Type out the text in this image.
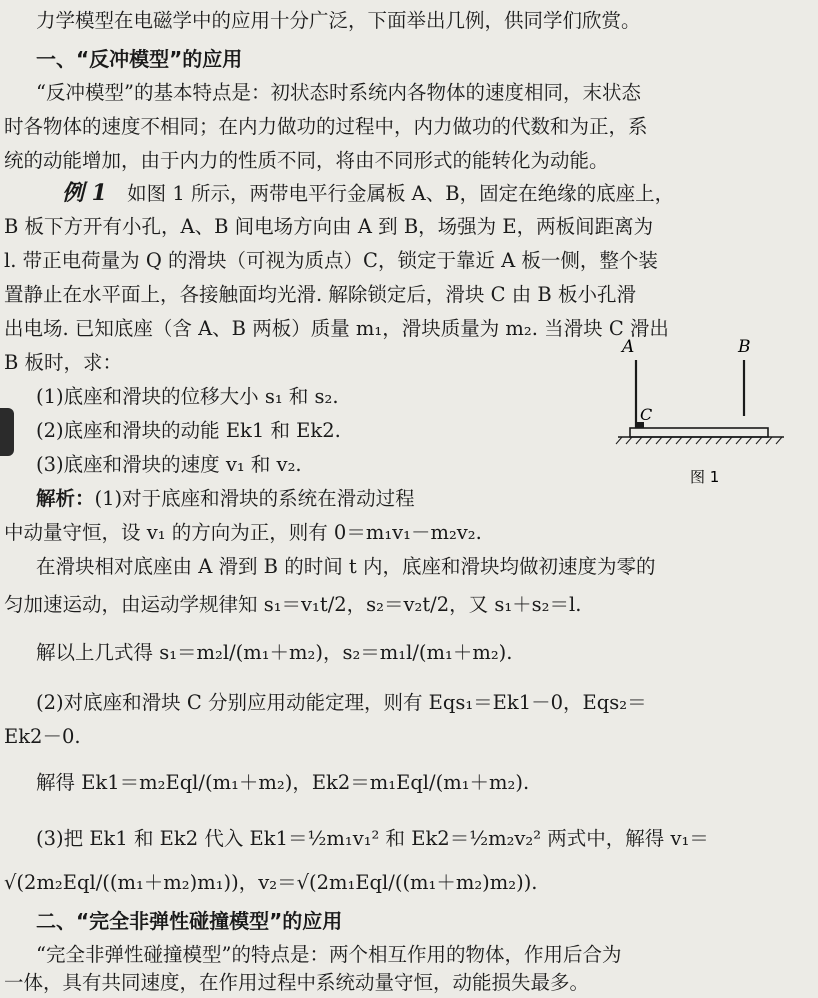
力学模型在电磁学中的应用十分广泛，下面举出几例，供同学们欣赏。
一、“反冲模型”的应用
“反冲模型”的基本特点是：初状态时系统内各物体的速度相同，末状态
时各物体的速度不相同；在内力做功的过程中，内力做功的代数和为正，系
统的动能增加，由于内力的性质不同，将由不同形式的能转化为动能。
例 1 如图 1 所示，两带电平行金属板 A、B，固定在绝缘的底座上，
B 板下方开有小孔，A、B 间电场方向由 A 到 B，场强为 E，两板间距离为
l. 带正电荷量为 Q 的滑块（可视为质点）C，锁定于靠近 A 板一侧，整个装
置静止在水平面上，各接触面均光滑. 解除锁定后，滑块 C 由 B 板小孔滑
出电场. 已知底座（含 A、B 两板）质量 m₁，滑块质量为 m₂. 当滑块 C 滑出
B 板时，求：
(1)底座和滑块的位移大小 s₁ 和 s₂.
(2)底座和滑块的动能 Ek1 和 Ek2.
(3)底座和滑块的速度 v₁ 和 v₂.
解析：(1)对于底座和滑块的系统在滑动过程
中动量守恒，设 v₁ 的方向为正，则有 0＝m₁v₁－m₂v₂.
在滑块相对底座由 A 滑到 B 的时间 t 内，底座和滑块均做初速度为零的
匀加速运动，由运动学规律知 s₁＝v₁t/2，s₂＝v₂t/2，又 s₁＋s₂＝l.
解以上几式得 s₁＝m₂l/(m₁＋m₂)，s₂＝m₁l/(m₁＋m₂).
(2)对底座和滑块 C 分别应用动能定理，则有 Eqs₁＝Ek1－0，Eqs₂＝
Ek2－0.
解得 Ek1＝m₂Eql/(m₁＋m₂)，Ek2＝m₁Eql/(m₁＋m₂).
(3)把 Ek1 和 Ek2 代入 Ek1＝½m₁v₁² 和 Ek2＝½m₂v₂² 两式中，解得 v₁＝
√(2m₂Eql/((m₁＋m₂)m₁))，v₂＝√(2m₁Eql/((m₁＋m₂)m₂)).
二、“完全非弹性碰撞模型”的应用
“完全非弹性碰撞模型”的特点是：两个相互作用的物体，作用后合为
一体，具有共同速度，在作用过程中系统动量守恒，动能损失最多。
A	B
C
图 1
